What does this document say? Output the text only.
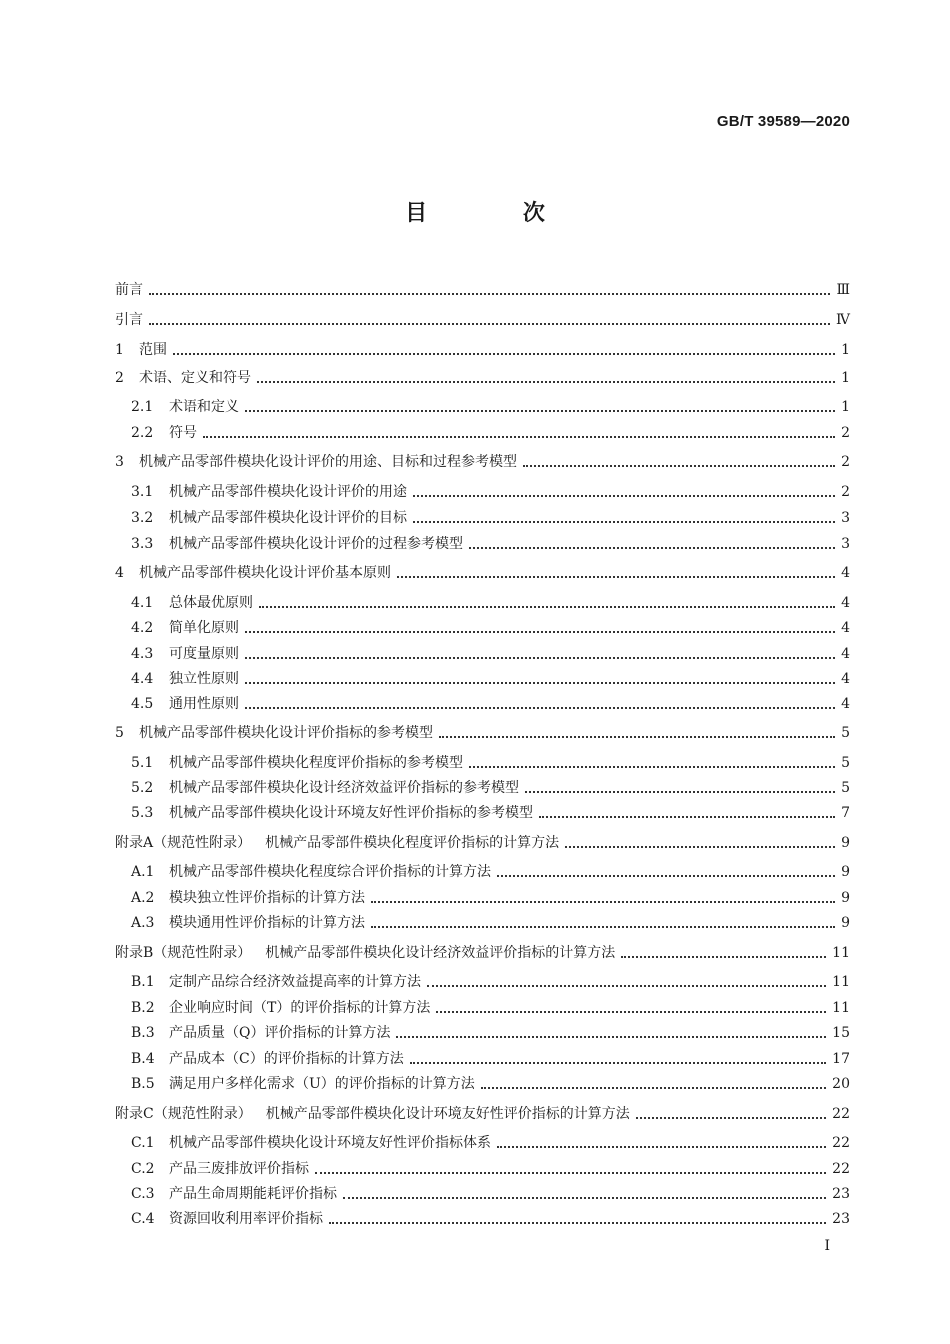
GB/T 39589—2020
目 次
前言	Ⅲ
引言	Ⅳ
1	范围	1
2	术语、定义和符号	1
2.1	术语和定义	1
2.2	符号	2
3	机械产品零部件模块化设计评价的用途、目标和过程参考模型	2
3.1	机械产品零部件模块化设计评价的用途	2
3.2	机械产品零部件模块化设计评价的目标	3
3.3	机械产品零部件模块化设计评价的过程参考模型	3
4	机械产品零部件模块化设计评价基本原则	4
4.1	总体最优原则	4
4.2	简单化原则	4
4.3	可度量原则	4
4.4	独立性原则	4
4.5	通用性原则	4
5	机械产品零部件模块化设计评价指标的参考模型	5
5.1	机械产品零部件模块化程度评价指标的参考模型	5
5.2	机械产品零部件模块化设计经济效益评价指标的参考模型	5
5.3	机械产品零部件模块化设计环境友好性评价指标的参考模型	7
附录A（规范性附录） 机械产品零部件模块化程度评价指标的计算方法	9
A.1	机械产品零部件模块化程度综合评价指标的计算方法	9
A.2	模块独立性评价指标的计算方法	9
A.3	模块通用性评价指标的计算方法	9
附录B（规范性附录） 机械产品零部件模块化设计经济效益评价指标的计算方法	11
B.1	定制产品综合经济效益提高率的计算方法	11
B.2	企业响应时间（T）的评价指标的计算方法	11
B.3	产品质量（Q）评价指标的计算方法	15
B.4	产品成本（C）的评价指标的计算方法	17
B.5	满足用户多样化需求（U）的评价指标的计算方法	20
附录C（规范性附录） 机械产品零部件模块化设计环境友好性评价指标的计算方法	22
C.1	机械产品零部件模块化设计环境友好性评价指标体系	22
C.2	产品三废排放评价指标	22
C.3	产品生命周期能耗评价指标	23
C.4	资源回收利用率评价指标	23
I
